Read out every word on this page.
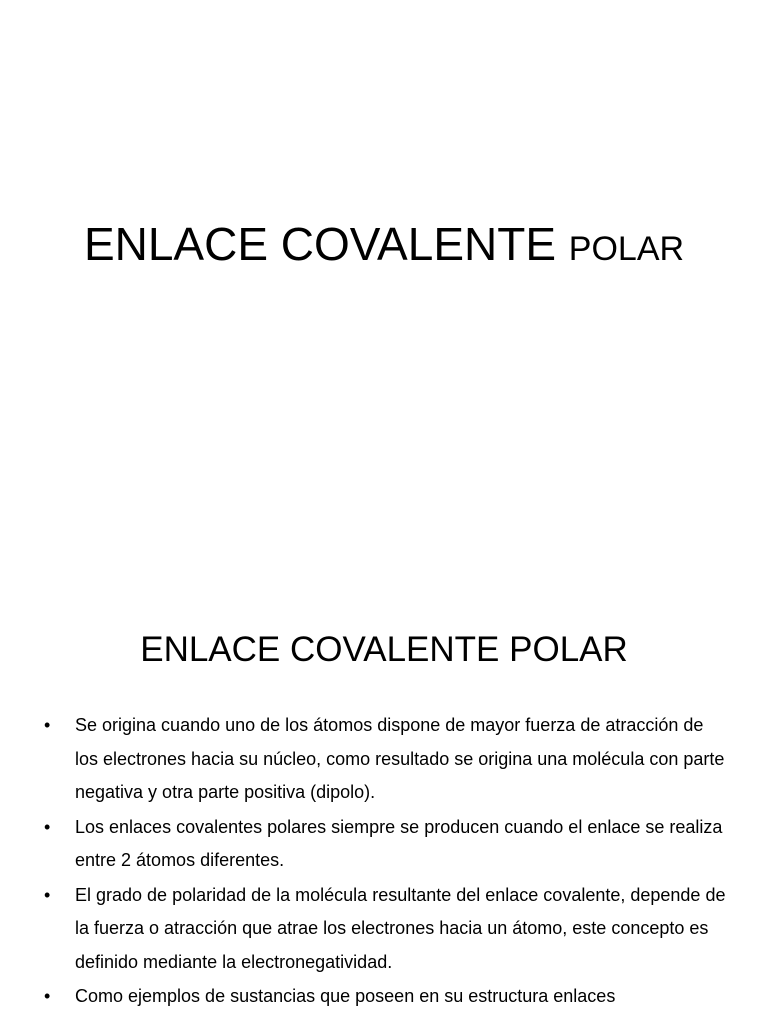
ENLACE COVALENTE POLAR
ENLACE COVALENTE POLAR
• Se origina cuando uno de los átomos dispone de mayor fuerza de atracción de los electrones hacia su núcleo, como resultado se origina una molécula con parte negativa y otra parte positiva (dipolo).
• Los enlaces covalentes polares siempre se producen cuando el enlace se realiza entre 2 átomos diferentes.
• El grado de polaridad de la molécula resultante del enlace covalente, depende de la fuerza o atracción que atrae los electrones hacia un átomo, este concepto es definido mediante la electronegatividad.
• Como ejemplos de sustancias que poseen en su estructura enlaces
